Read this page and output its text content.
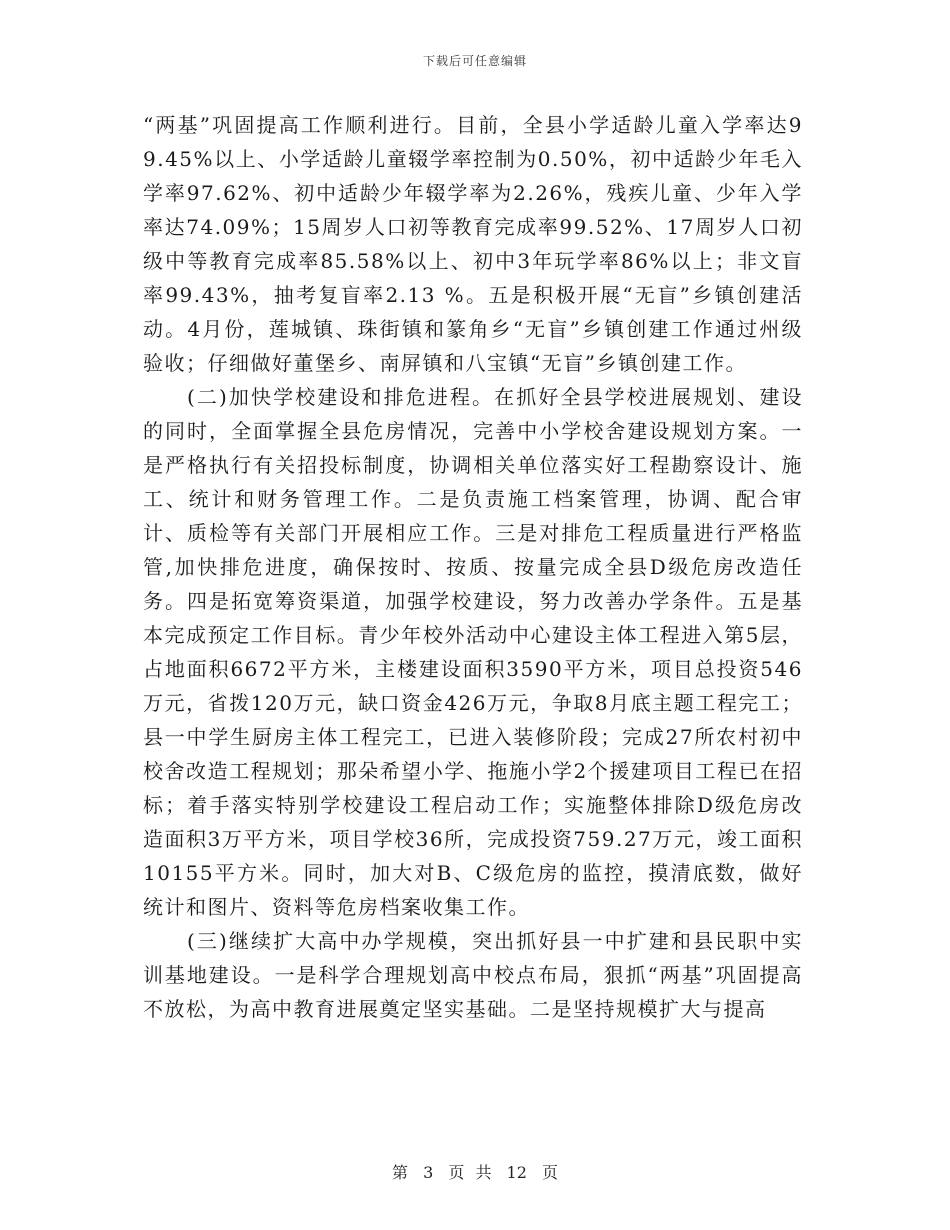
下载后可任意编辑

“两基”巩固提高工作顺利进行。目前，全县小学适龄儿童入学率达99.45%以上、小学适龄儿童辍学率控制为0.50%，初中适龄少年毛入学率97.62%、初中适龄少年辍学率为2.26%，残疾儿童、少年入学率达74.09%；15周岁人口初等教育完成率99.52%、17周岁人口初级中等教育完成率85.58%以上、初中3年玩学率86%以上；非文盲率99.43%，抽考复盲率2.13 %。五是积极开展“无盲”乡镇创建活动。4月份，莲城镇、珠街镇和篆角乡“无盲”乡镇创建工作通过州级验收；仔细做好董堡乡、南屏镇和八宝镇“无盲”乡镇创建工作。

(二)加快学校建设和排危进程。在抓好全县学校进展规划、建设的同时，全面掌握全县危房情况，完善中小学校舍建设规划方案。一是严格执行有关招投标制度，协调相关单位落实好工程勘察设计、施工、统计和财务管理工作。二是负责施工档案管理，协调、配合审计、质检等有关部门开展相应工作。三是对排危工程质量进行严格监管,加快排危进度，确保按时、按质、按量完成全县D级危房改造任务。四是拓宽筹资渠道，加强学校建设，努力改善办学条件。五是基本完成预定工作目标。青少年校外活动中心建设主体工程进入第5层，占地面积6672平方米，主楼建设面积3590平方米，项目总投资546万元，省拨120万元，缺口资金426万元，争取8月底主题工程完工；县一中学生厨房主体工程完工，已进入装修阶段；完成27所农村初中校舍改造工程规划；那朵希望小学、拖施小学2个援建项目工程已在招标；着手落实特别学校建设工程启动工作；实施整体排除D级危房改造面积3万平方米，项目学校36所，完成投资759.27万元，竣工面积10155平方米。同时，加大对B、C级危房的监控，摸清底数，做好统计和图片、资料等危房档案收集工作。

(三)继续扩大高中办学规模，突出抓好县一中扩建和县民职中实训基地建设。一是科学合理规划高中校点布局，狠抓“两基”巩固提高不放松，为高中教育进展奠定坚实基础。二是坚持规模扩大与提高

第 3 页 共 12 页
